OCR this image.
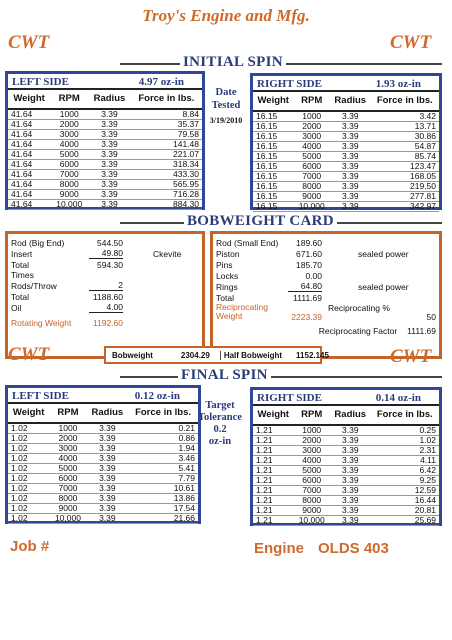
Troy's Engine and Mfg.
CWT	CWT
INITIAL SPIN
LEFT SIDE	4.97 oz-in
Weight	RPM	Radius	Force in lbs.
41.64	1000	3.39	8.84
41.64	2000	3.39	35.37
41.64	3000	3.39	79.58
41.64	4000	3.39	141.48
41.64	5000	3.39	221.07
41.64	6000	3.39	318.34
41.64	7000	3.39	433.30
41.64	8000	3.39	565.95
41.64	9000	3.39	716.28
41.64	10,000	3.39	884.30
Date Tested
3/19/2010
RIGHT SIDE	1.93 oz-in
Weight	RPM	Radius	Force in lbs.
16.15	1000	3.39	3.42
16.15	2000	3.39	13.71
16.15	3000	3.39	30.86
16.15	4000	3.39	54.87
16.15	5000	3.39	85.74
16.15	6000	3.39	123.47
16.15	7000	3.39	168.05
16.15	8000	3.39	219.50
16.15	9000	3.39	277.81
16.15	10,000	3.39	342.97
BOBWEIGHT CARD
Rod (Big End)	544.50
Insert	49.80	Ckevite
Total	594.30
Times
Rods/Throw	2
Total	1188.60
Oil	4.00
Rotating Weight	1192.60
Rod (Small End)	189.60
Piston	671.60	sealed power
Pins	185.70
Locks	0.00
Rings	64.80	sealed power
Total	1111.69
Reciprocating
Weight	2223.39
Reciprocating %
50
Reciprocating Factor 1111.69
CWT	CWT
Bobweight	2304.29	Half Bobweight 1152.145
FINAL SPIN
LEFT SIDE	0.12 oz-in
Weight	RPM	Radius	Force in lbs.
1.02	1000	3.39	0.21
1.02	2000	3.39	0.86
1.02	3000	3.39	1.94
1.02	4000	3.39	3.46
1.02	5000	3.39	5.41
1.02	6000	3.39	7.79
1.02	7000	3.39	10.61
1.02	8000	3.39	13.86
1.02	9000	3.39	17.54
1.02	10,000	3.39	21.66
Target
Tolerance
0.2
oz-in
RIGHT SIDE	0.14 oz-in
Weight	RPM	Radius	Force in lbs.
1.21	1000	3.39	0.25
1.21	2000	3.39	1.02
1.21	3000	3.39	2.31
1.21	4000	3.39	4.11
1.21	5000	3.39	6.42
1.21	6000	3.39	9.25
1.21	7000	3.39	12.59
1.21	8000	3.39	16.44
1.21	9000	3.39	20.81
1.21	10,000	3.39	25.69
Job #	Engine OLDS 403
